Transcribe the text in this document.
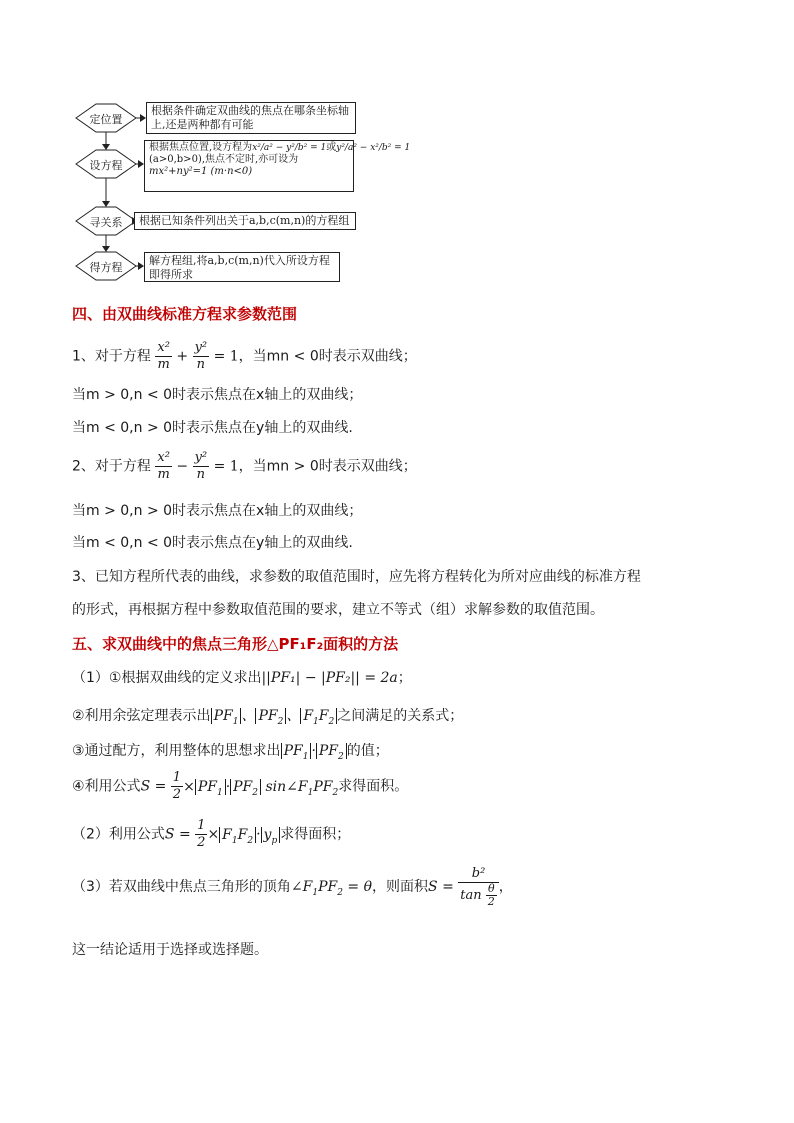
定位置
设方程
寻关系
得方程
根据条件确定双曲线的焦点在哪条坐标轴上,还是两种都有可能
根据焦点位置,设方程为x²/a² − y²/b² = 1或y²/a² − x²/b² = 1
(a>0,b>0),焦点不定时,亦可设为
mx²+ny²=1 (m·n<0)
根据已知条件列出关于a,b,c(m,n)的方程组
解方程组,将a,b,c(m,n)代入所设方程即得所求
四、由双曲线标准方程求参数范围
1、对于方程 $\frac{\text{x²}}{m} + \frac{\text{y²}}{n} = 1$，当mn < 0时表示双曲线；
当m > 0,n < 0时表示焦点在x轴上的双曲线；
当m < 0,n > 0时表示焦点在y轴上的双曲线.
2、对于方程 $\frac{\text{x²}}{m} - \frac{\text{y²}}{n} = 1$，当mn > 0时表示双曲线；
当m > 0,n > 0时表示焦点在x轴上的双曲线；
当m < 0,n < 0时表示焦点在y轴上的双曲线.
3、已知方程所代表的曲线，求参数的取值范围时，应先将方程转化为所对应曲线的标准方程
的形式，再根据方程中参数取值范围的要求，建立不等式（组）求解参数的取值范围。
五、求双曲线中的焦点三角形△PF₁F₂面积的方法
（1）①根据双曲线的定义求出||PF₁| − |PF₂|| = 2a；
②利用余弦定理表示出 $PF_1$ 、 $PF_2$ 、 $F_1F_2$ 之间满足的关系式；
③通过配方，利用整体的思想求出 $PF_1 \cdot PF_2$ 的值；
④利用公式$S = \frac{1}{2} \times PF_1 \cdot PF_2$ $\sin\angle F_1PF_2$求得面积。
（2）利用公式$S = \frac{1}{2} \times F_1F_2 \cdot y_p$ 求得面积；
（3）若双曲线中焦点三角形的顶角$\angle F_1PF_2 = \theta$，则面积$S = \frac{\text{b²}}{\tan \frac{\theta}{2}}$ ，
这一结论适用于选择或选择题。
